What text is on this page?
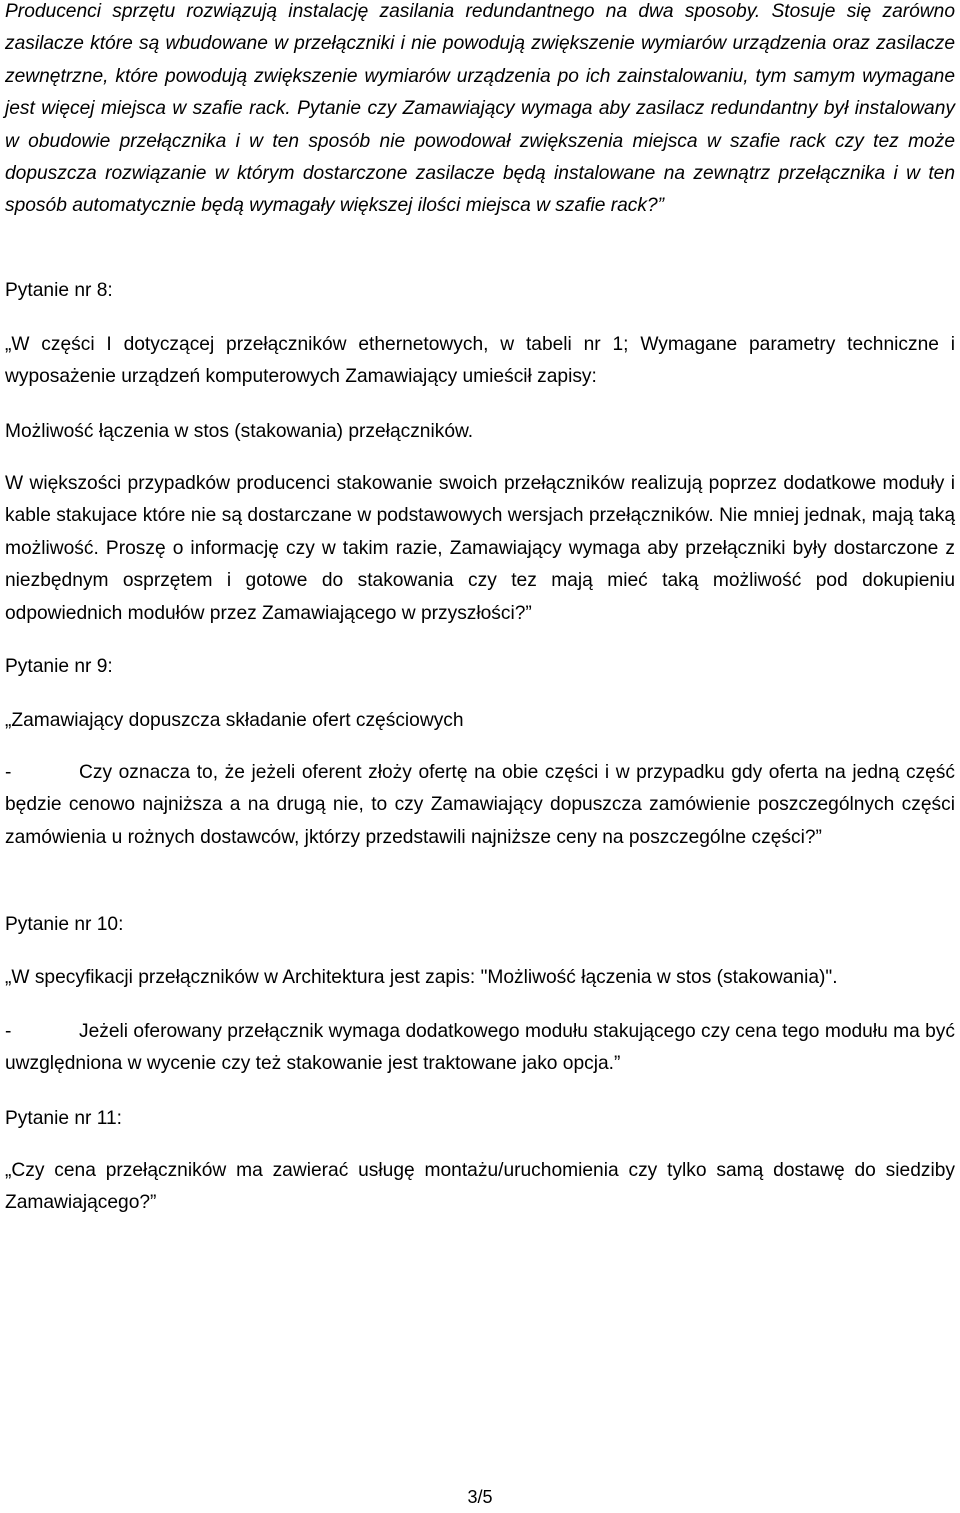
Producenci sprzętu rozwiązują instalację zasilania redundantnego na dwa sposoby. Stosuje się zarówno zasilacze które są wbudowane w przełączniki i nie powodują zwiększenie wymiarów urządzenia oraz zasilacze zewnętrzne, które powodują zwiększenie wymiarów urządzenia po ich zainstalowaniu, tym samym wymagane jest więcej miejsca w szafie rack. Pytanie czy Zamawiający wymaga aby zasilacz redundantny był instalowany w obudowie przełącznika i w ten sposób nie powodował zwiększenia miejsca w szafie rack czy tez może dopuszcza rozwiązanie w którym dostarczone zasilacze będą instalowane na zewnątrz przełącznika i w ten sposób automatycznie będą wymagały większej ilości miejsca w szafie rack?”

Pytanie nr 8:

„W części I dotyczącej przełączników ethernetowych, w tabeli nr 1; Wymagane parametry techniczne i wyposażenie urządzeń komputerowych Zamawiający umieścił zapisy:

Możliwość łączenia w stos (stakowania) przełączników.

W większości przypadków producenci stakowanie swoich przełączników realizują poprzez dodatkowe moduły i kable stakujace które nie są dostarczane w podstawowych wersjach przełączników. Nie mniej jednak, mają taką możliwość. Proszę o informację czy w takim razie, Zamawiający wymaga aby przełączniki były dostarczone z niezbędnym osprzętem i gotowe do stakowania czy tez mają mieć taką możliwość pod dokupieniu odpowiednich modułów przez Zamawiającego w przyszłości?”

Pytanie nr 9:

„Zamawiający dopuszcza składanie ofert częściowych

-	Czy oznacza to, że jeżeli oferent złoży ofertę na obie części i w przypadku gdy oferta na jedną część będzie cenowo najniższa a na drugą nie, to czy Zamawiający dopuszcza zamówienie poszczególnych części zamówienia u rożnych dostawców, jktórzy przedstawili najniższe ceny na poszczególne części?”

Pytanie nr 10:

„W specyfikacji przełączników w Architektura jest zapis: "Możliwość łączenia w stos (stakowania)".

-	Jeżeli oferowany przełącznik wymaga dodatkowego modułu stakującego czy cena tego modułu ma być uwzględniona w wycenie czy też stakowanie jest traktowane jako opcja.”

Pytanie nr 11:

„Czy cena przełączników ma zawierać usługę montażu/uruchomienia czy tylko samą dostawę do siedziby Zamawiającego?”

3/5
